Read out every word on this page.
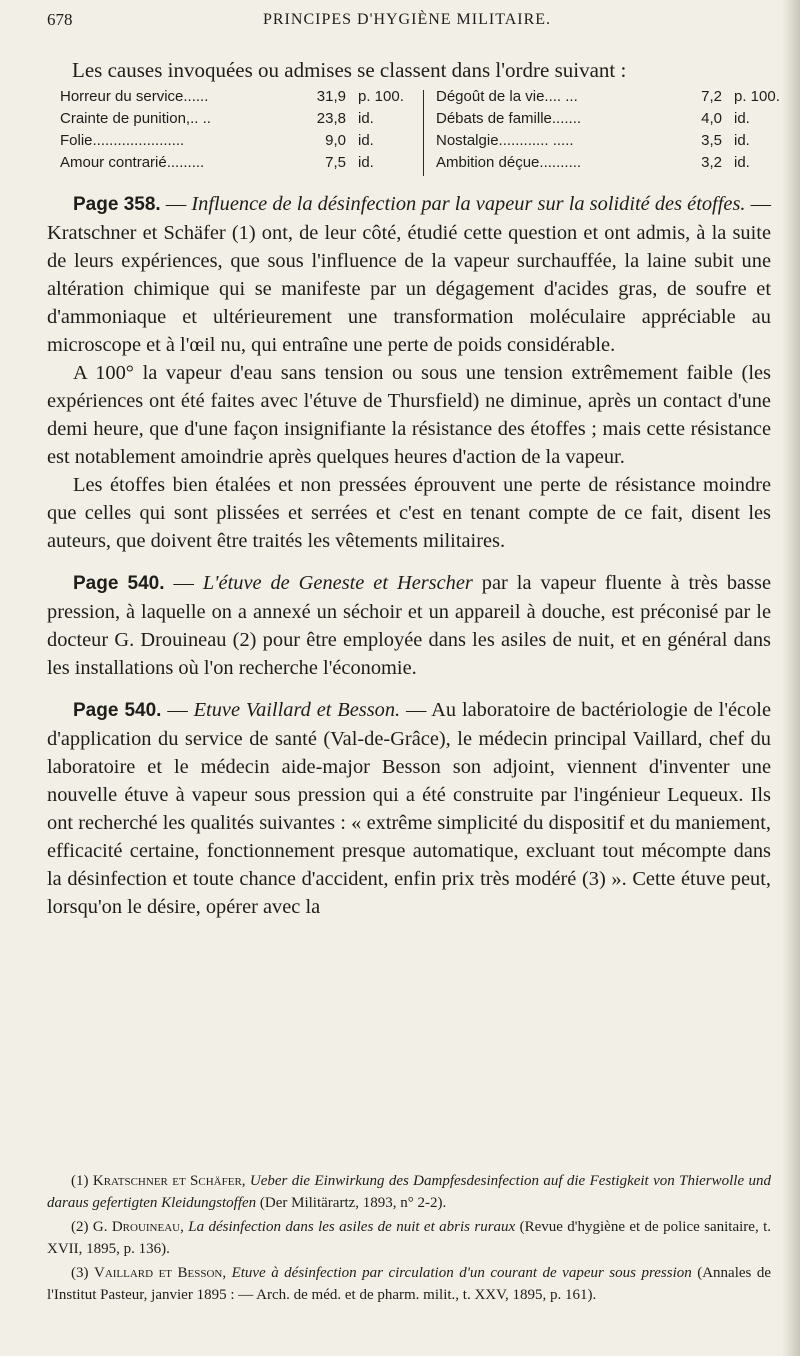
678	PRINCIPES D'HYGIÈNE MILITAIRE.
Les causes invoquées ou admises se classent dans l'ordre suivant :
Horreur du service......	31,9 p. 100.
Crainte de punition,.. ..	23,8 id.
Folie......................	9,0 id.
Amour contrarié.........	7,5 id.
Dégoût de la vie.... ...	7,2 p. 100.
Débats de famille.......	4,0 id.
Nostalgie............ .....	3,5 id.
Ambition déçue..........	3,2 id.

Page 358. — Influence de la désinfection par la vapeur sur la solidité des étoffes. — Kratschner et Schäfer (1) ont, de leur côté, étudié cette question et ont admis, à la suite de leurs expériences, que sous l'influence de la vapeur surchauffée, la laine subit une altération chimique qui se manifeste par un dégagement d'acides gras, de soufre et d'ammoniaque et ultérieurement une transformation moléculaire appréciable au microscope et à l'œil nu, qui entraîne une perte de poids considérable.

A 100° la vapeur d'eau sans tension ou sous une tension extrêmement faible (les expériences ont été faites avec l'étuve de Thursfield) ne diminue, après un contact d'une demi heure, que d'une façon insignifiante la résistance des étoffes ; mais cette résistance est notablement amoindrie après quelques heures d'action de la vapeur.

Les étoffes bien étalées et non pressées éprouvent une perte de résistance moindre que celles qui sont plissées et serrées et c'est en tenant compte de ce fait, disent les auteurs, que doivent être traités les vêtements militaires.

Page 540. — L'étuve de Geneste et Herscher par la vapeur fluente à très basse pression, à laquelle on a annexé un séchoir et un appareil à douche, est préconisé par le docteur G. Drouineau (2) pour être employée dans les asiles de nuit, et en général dans les installations où l'on recherche l'économie.

Page 540. — Etuve Vaillard et Besson. — Au laboratoire de bactériologie de l'école d'application du service de santé (Val-de-Grâce), le médecin principal Vaillard, chef du laboratoire et le médecin aide-major Besson son adjoint, viennent d'inventer une nouvelle étuve à vapeur sous pression qui a été construite par l'ingénieur Lequeux. Ils ont recherché les qualités suivantes : « extrême simplicité du dispositif et du maniement, efficacité certaine, fonctionnement presque automatique, excluant tout mécompte dans la désinfection et toute chance d'accident, enfin prix très modéré (3) ». Cette étuve peut, lorsqu'on le désire, opérer avec la

(1) Kratschner et Schäfer, Ueber die Einwirkung des Dampfesdesinfection auf die Festigkeit von Thierwolle und daraus gefertigten Kleidungstoffen (Der Militärartz, 1893, n° 2-2).

(2) G. Drouineau, La désinfection dans les asiles de nuit et abris ruraux (Revue d'hygiène et de police sanitaire, t. XVII, 1895, p. 136).

(3) Vaillard et Besson, Etuve à désinfection par circulation d'un courant de vapeur sous pression (Annales de l'Institut Pasteur, janvier 1895 : — Arch. de méd. et de pharm. milit., t. XXV, 1895, p. 161).
